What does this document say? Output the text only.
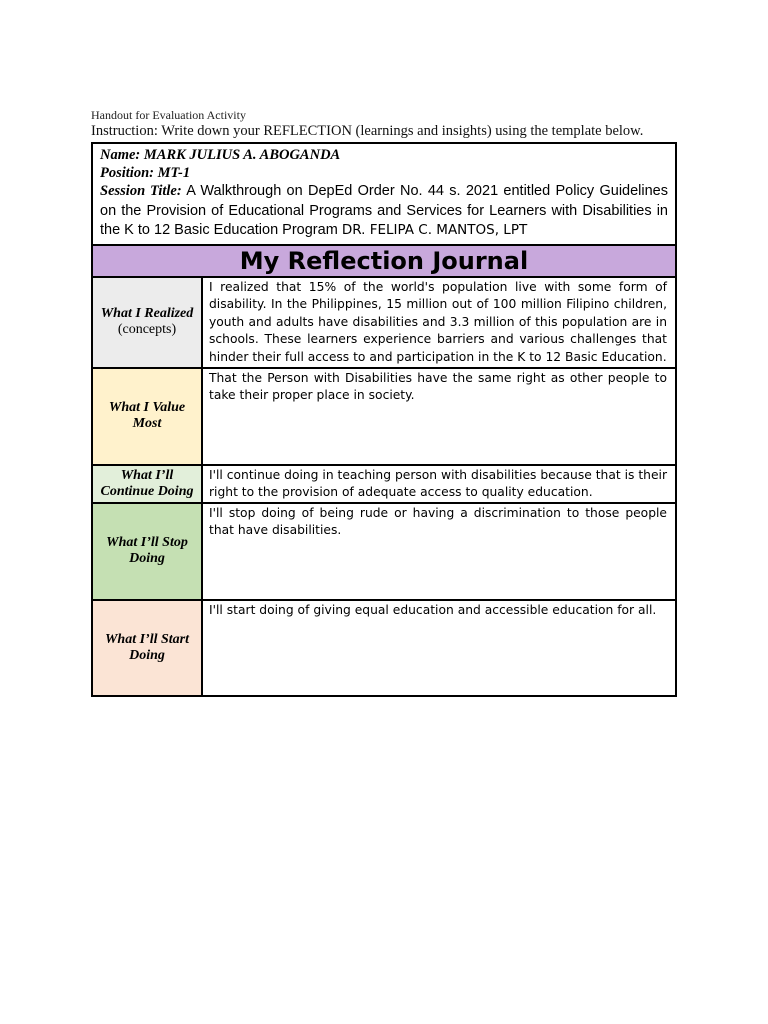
Handout for Evaluation Activity
Instruction: Write down your REFLECTION (learnings and insights) using the template below.
Name: MARK JULIUS A. ABOGANDA
Position: MT-1
Session Title: A Walkthrough on DepEd Order No. 44 s. 2021 entitled Policy Guidelines on the Provision of Educational Programs and Services for Learners with Disabilities in the K to 12 Basic Education Program DR. FELIPA C. MANTOS, LPT
My Reflection Journal
What I Realized
(concepts)
I realized that 15% of the world's population live with some form of disability. In the Philippines, 15 million out of 100 million Filipino children, youth and adults have disabilities and 3.3 million of this population are in schools. These learners experience barriers and various challenges that hinder their full access to and participation in the K to 12 Basic Education.
What I Value Most
That the Person with Disabilities have the same right as other people to take their proper place in society.
What I’ll Continue Doing
I'll continue doing in teaching person with disabilities because that is their right to the provision of adequate access to quality education.
What I’ll Stop Doing
I'll stop doing of being rude or having a discrimination to those people that have disabilities.
What I’ll Start Doing
I'll start doing of giving equal education and accessible education for all.
